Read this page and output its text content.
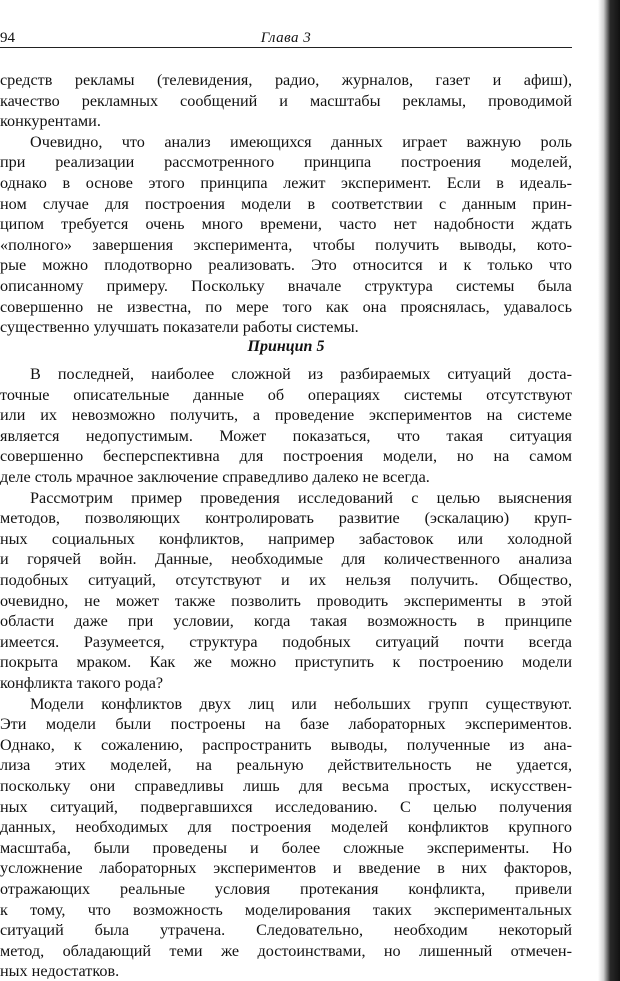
94	Глава 3
средств рекламы (телевидения, радио, журналов, газет и афиш),
качество рекламных сообщений и масштабы рекламы, проводимой
конкурентами.
Очевидно, что анализ имеющихся данных играет важную роль
при реализации рассмотренного принципа построения моделей,
однако в основе этого принципа лежит эксперимент. Если в идеаль-
ном случае для построения модели в соответствии с данным прин-
ципом требуется очень много времени, часто нет надобности ждать
«полного» завершения эксперимента, чтобы получить выводы, кото-
рые можно плодотворно реализовать. Это относится и к только что
описанному примеру. Поскольку вначале структура системы была
совершенно не известна, по мере того как она прояснялась, удавалось
существенно улучшать показатели работы системы.
Принцип 5
В последней, наиболее сложной из разбираемых ситуаций доста-
точные описательные данные об операциях системы отсутствуют
или их невозможно получить, а проведение экспериментов на системе
является недопустимым. Может показаться, что такая ситуация
совершенно бесперспективна для построения модели, но на самом
деле столь мрачное заключение справедливо далеко не всегда.
Рассмотрим пример проведения исследований с целью выяснения
методов, позволяющих контролировать развитие (эскалацию) круп-
ных социальных конфликтов, например забастовок или холодной
и горячей войн. Данные, необходимые для количественного анализа
подобных ситуаций, отсутствуют и их нельзя получить. Общество,
очевидно, не может также позволить проводить эксперименты в этой
области даже при условии, когда такая возможность в принципе
имеется. Разумеется, структура подобных ситуаций почти всегда
покрыта мраком. Как же можно приступить к построению модели
конфликта такого рода?
Модели конфликтов двух лиц или небольших групп существуют.
Эти модели были построены на базе лабораторных экспериментов.
Однако, к сожалению, распространить выводы, полученные из ана-
лиза этих моделей, на реальную действительность не удается,
поскольку они справедливы лишь для весьма простых, искусствен-
ных ситуаций, подвергавшихся исследованию. С целью получения
данных, необходимых для построения моделей конфликтов крупного
масштаба, были проведены и более сложные эксперименты. Но
усложнение лабораторных экспериментов и введение в них факторов,
отражающих реальные условия протекания конфликта, привели
к тому, что возможность моделирования таких экспериментальных
ситуаций была утрачена. Следовательно, необходим некоторый
метод, обладающий теми же достоинствами, но лишенный отмечен-
ных недостатков.
